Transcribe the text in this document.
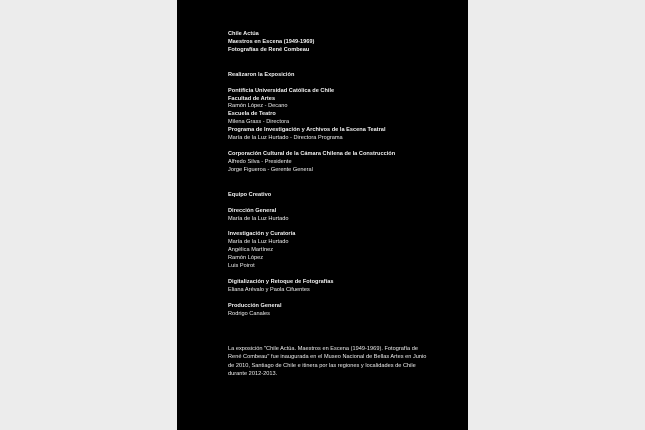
Chile Actúa
Maestros en Escena (1949-1969)
Fotografías de René Combeau
Realizaron la Exposición
Pontificia Universidad Católica de Chile
Facultad de Artes
Ramón López - Decano
Escuela de Teatro
Milena Grass - Directora
Programa de Investigación y Archivos de la Escena Teatral
María de la Luz Hurtado - Directora Programa
Corporación Cultural de la Cámara Chilena de la Construcción
Alfredo Silva - Presidente
Jorge Figueroa - Gerente General
Equipo Creativo
Dirección General
María de la Luz Hurtado
Investigación y Curatoría
María de la Luz Hurtado
Angélica Martínez
Ramón López
Luis Poirot
Digitalización y Retoque de Fotografías
Eliana Arévalo y Paola Cifuentes
Producción General
Rodrigo Canales
La exposición "Chile Actúa. Maestros en Escena (1949-1969). Fotografía de René Combeau" fue inaugurada en el Museo Nacional de Bellas Artes en Junio de 2010, Santiago de Chile e itinera por las regiones y localidades de Chile durante 2012-2013.
